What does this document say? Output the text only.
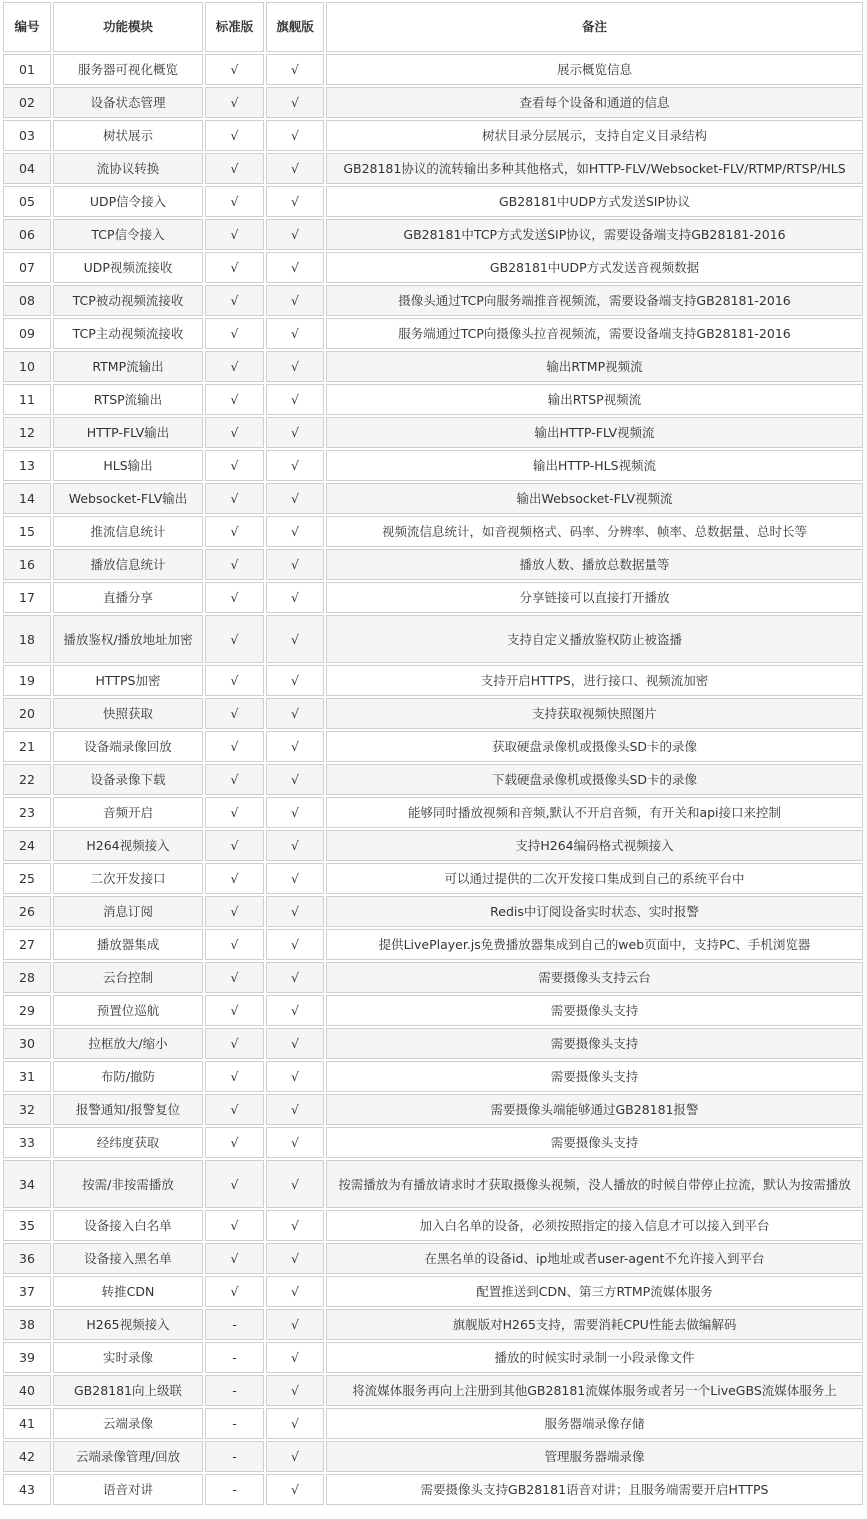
编号	功能模块	标准版	旗舰版	备注
01	服务器可视化概览	√	√	展示概览信息
02	设备状态管理	√	√	查看每个设备和通道的信息
03	树状展示	√	√	树状目录分层展示，支持自定义目录结构
04	流协议转换	√	√	GB28181协议的流转输出多种其他格式，如HTTP-FLV/Websocket-FLV/RTMP/RTSP/HLS
05	UDP信令接入	√	√	GB28181中UDP方式发送SIP协议
06	TCP信令接入	√	√	GB28181中TCP方式发送SIP协议，需要设备端支持GB28181-2016
07	UDP视频流接收	√	√	GB28181中UDP方式发送音视频数据
08	TCP被动视频流接收	√	√	摄像头通过TCP向服务端推音视频流，需要设备端支持GB28181-2016
09	TCP主动视频流接收	√	√	服务端通过TCP向摄像头拉音视频流，需要设备端支持GB28181-2016
10	RTMP流输出	√	√	输出RTMP视频流
11	RTSP流输出	√	√	输出RTSP视频流
12	HTTP-FLV输出	√	√	输出HTTP-FLV视频流
13	HLS输出	√	√	输出HTTP-HLS视频流
14	Websocket-FLV输出	√	√	输出Websocket-FLV视频流
15	推流信息统计	√	√	视频流信息统计，如音视频格式、码率、分辨率、帧率、总数据量、总时长等
16	播放信息统计	√	√	播放人数、播放总数据量等
17	直播分享	√	√	分享链接可以直接打开播放
18	播放鉴权/播放地址加密	√	√	支持自定义播放鉴权防止被盗播
19	HTTPS加密	√	√	支持开启HTTPS，进行接口、视频流加密
20	快照获取	√	√	支持获取视频快照图片
21	设备端录像回放	√	√	获取硬盘录像机或摄像头SD卡的录像
22	设备录像下载	√	√	下载硬盘录像机或摄像头SD卡的录像
23	音频开启	√	√	能够同时播放视频和音频,默认不开启音频，有开关和api接口来控制
24	H264视频接入	√	√	支持H264编码格式视频接入
25	二次开发接口	√	√	可以通过提供的二次开发接口集成到自己的系统平台中
26	消息订阅	√	√	Redis中订阅设备实时状态、实时报警
27	播放器集成	√	√	提供LivePlayer.js免费播放器集成到自己的web页面中，支持PC、手机浏览器
28	云台控制	√	√	需要摄像头支持云台
29	预置位巡航	√	√	需要摄像头支持
30	拉框放大/缩小	√	√	需要摄像头支持
31	布防/撤防	√	√	需要摄像头支持
32	报警通知/报警复位	√	√	需要摄像头端能够通过GB28181报警
33	经纬度获取	√	√	需要摄像头支持
34	按需/非按需播放	√	√	按需播放为有播放请求时才获取摄像头视频，没人播放的时候自带停止拉流，默认为按需播放
35	设备接入白名单	√	√	加入白名单的设备，必须按照指定的接入信息才可以接入到平台
36	设备接入黑名单	√	√	在黑名单的设备id、ip地址或者user-agent不允许接入到平台
37	转推CDN	√	√	配置推送到CDN、第三方RTMP流媒体服务
38	H265视频接入	-	√	旗舰版对H265支持，需要消耗CPU性能去做编解码
39	实时录像	-	√	播放的时候实时录制一小段录像文件
40	GB28181向上级联	-	√	将流媒体服务再向上注册到其他GB28181流媒体服务或者另一个LiveGBS流媒体服务上
41	云端录像	-	√	服务器端录像存储
42	云端录像管理/回放	-	√	管理服务器端录像
43	语音对讲	-	√	需要摄像头支持GB28181语音对讲；且服务端需要开启HTTPS
